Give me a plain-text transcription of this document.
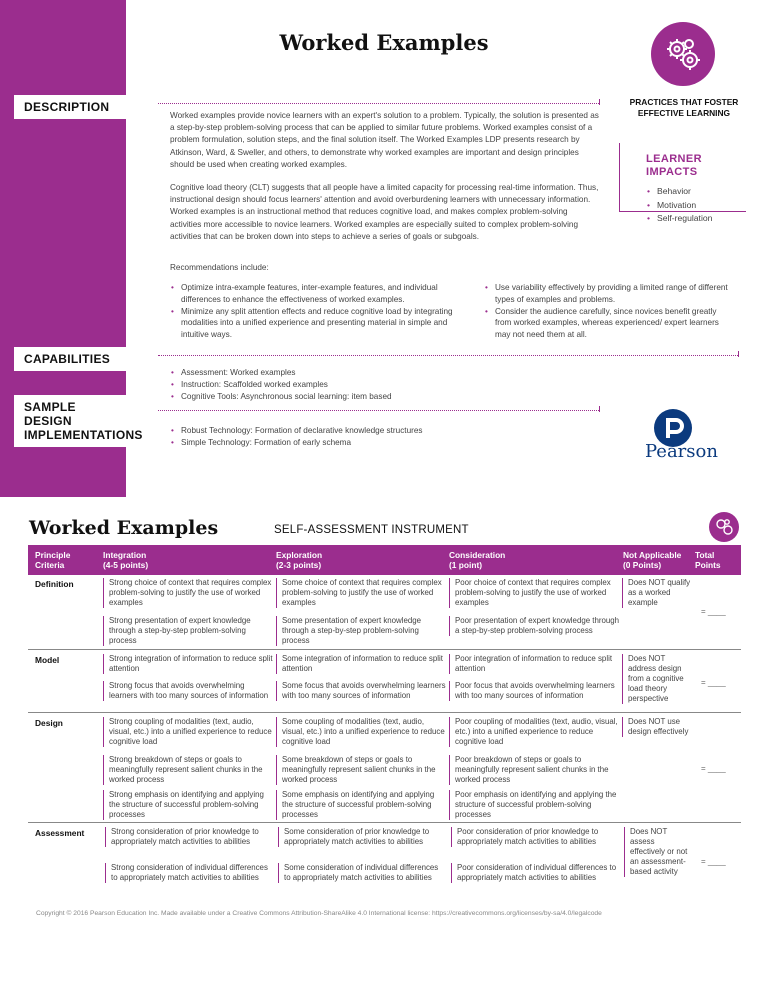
Worked Examples
PRACTICES THAT FOSTER EFFECTIVE LEARNING
LEARNER
IMPACTS
• Behavior
• Motivation
• Self-regulation
DESCRIPTION
Worked examples provide novice learners with an expert's solution to a problem. Typically, the solution is presented as a step-by-step problem-solving process that can be applied to similar future problems. Worked examples consist of a problem formulation, solution steps, and the final solution itself. The Worked Examples LDP presents research by Atkinson, Ward, & Sweller, and others, to demonstrate why worked examples are important and design principles should be used when creating worked examples.
Cognitive load theory (CLT) suggests that all people have a limited capacity for processing real-time information. Thus, instructional design should focus learners' attention and avoid overburdening learners with unnecessary information. Worked examples is an instructional method that reduces cognitive load, and makes complex problem-solving activities more accessible to novice learners. Worked examples are especially suited to complex problem-solving activities that can be broken down into steps to achieve a series of goals or subgoals.
Recommendations include:
• Optimize intra-example features, inter-example features, and individual differences to enhance the effectiveness of worked examples.
• Minimize any split attention effects and reduce cognitive load by integrating modalities into a unified experience and presenting material in simple and intuitive ways.
• Use variability effectively by providing a limited range of different types of examples and problems.
• Consider the audience carefully, since novices benefit greatly from worked examples, whereas experienced/ expert learners may not need them at all.
CAPABILITIES
• Assessment: Worked examples
• Instruction: Scaffolded worked examples
• Cognitive Tools: Asynchronous social learning: item based
SAMPLE DESIGN
IMPLEMENTATIONS
•	Robust Technology: Formation of declarative knowledge structures
• Simple Technology: Formation of early schema	Pearson
Worked Examples	SELF-ASSESSMENT INSTRUMENT
Principle
Criteria
Integration
(4-5 points)
Exploration
(2-3 points)
Consideration
(1 point)
Not Applicable
(0 Points)
Total
Points
Definition	Strong choice of context that requires complex problem-solving to justify the use of worked examples
Some choice of context that requires complex problem-solving to justify the use of worked examples
Poor choice of context that requires complex problem-solving to justify the use of worked examples
Strong presentation of expert knowledge through a step-by-step problem-solving process
Some presentation of expert knowledge through a step-by-step problem-solving process
Poor presentation of expert knowledge through a step-by-step problem-solving process
Does NOT qualify as a worked example
= ____
Model	Strong integration of information to reduce split attention
Some integration of information to reduce split attention
Poor integration of information to reduce split attention
Strong focus that avoids overwhelming learners with too many sources of information
Some focus that avoids overwhelming learners with too many sources of information
Poor focus that avoids overwhelming learners with too many sources of information
Does NOT address design from a cognitive load theory perspective
= ____
Design	Strong coupling of modalities (text, audio, visual, etc.) into a unified experience to reduce cognitive load
Some coupling of modalities (text, audio, visual, etc.) into a unified experience to reduce cognitive load
Poor coupling of modalities (text, audio, visual, etc.) into a unified experience to reduce cognitive load
Strong breakdown of steps or goals to meaningfully represent salient chunks in the worked process
Some breakdown of steps or goals to meaningfully represent salient chunks in the worked process
Poor breakdown of steps or goals to meaningfully represent salient chunks in the worked process
Strong emphasis on identifying and applying the structure of successful problem-solving processes
Some emphasis on identifying and applying the structure of successful problem-solving processes
Poor emphasis on identifying and applying the structure of successful problem-solving processes
Does NOT use design effectively
= ____
Assessment	Strong consideration of prior knowledge to appropriately match activities to abilities
Some consideration of prior knowledge to appropriately match activities to abilities
Poor consideration of prior knowledge to appropriately match activities to abilities
Strong consideration of individual differences to appropriately match activities to abilities
Some consideration of individual differences to appropriately match activities to abilities
Poor consideration of individual differences to appropriately match activities to abilities
Does NOT assess effectively or not an assessment-based activity
= ____
Copyright © 2016 Pearson Education Inc. Made available under a Creative Commons Attribution-ShareAlike 4.0 International license: https://creativecommons.org/licenses/by-sa/4.0/legalcode
